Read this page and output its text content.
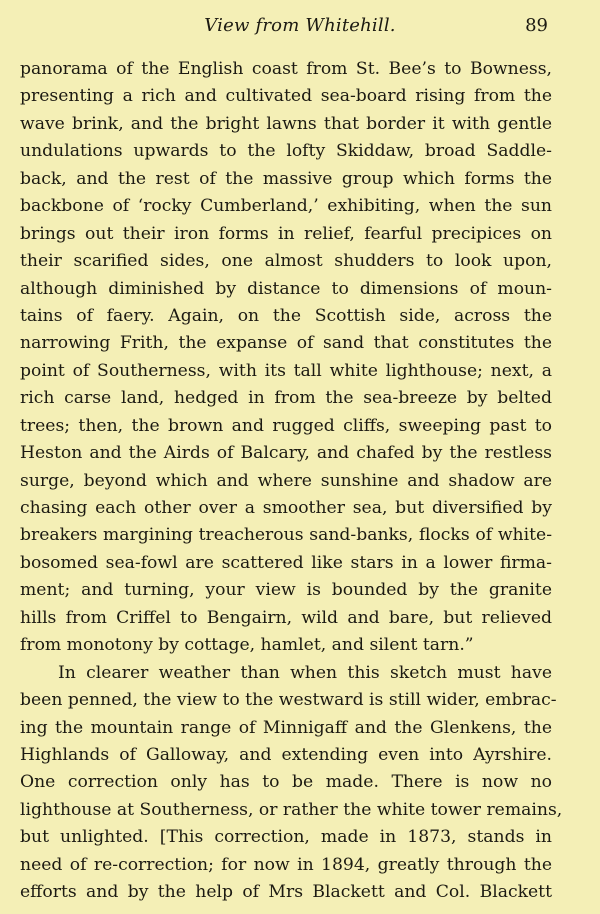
View from Whitehill.	89
panorama of the English coast from St. Bee’s to Bowness,
presenting a rich and cultivated sea-board rising from the
wave brink, and the bright lawns that border it with gentle
undulations upwards to the lofty Skiddaw, broad Saddle-
back, and the rest of the massive group which forms the
backbone of ‘rocky Cumberland,’ exhibiting, when the sun
brings out their iron forms in relief, fearful precipices on
their scarified sides, one almost shudders to look upon,
although diminished by distance to dimensions of moun-
tains of faery. Again, on the Scottish side, across the
narrowing Frith, the expanse of sand that constitutes the
point of Southerness, with its tall white lighthouse; next, a
rich carse land, hedged in from the sea-breeze by belted
trees; then, the brown and rugged cliffs, sweeping past to
Heston and the Airds of Balcary, and chafed by the restless
surge, beyond which and where sunshine and shadow are
chasing each other over a smoother sea, but diversified by
breakers margining treacherous sand-banks, flocks of white-
bosomed sea-fowl are scattered like stars in a lower firma-
ment; and turning, your view is bounded by the granite
hills from Criffel to Bengairn, wild and bare, but relieved
from monotony by cottage, hamlet, and silent tarn.”
In clearer weather than when this sketch must have
been penned, the view to the westward is still wider, embrac-
ing the mountain range of Minnigaff and the Glenkens, the
Highlands of Galloway, and extending even into Ayrshire.
One correction only has to be made. There is now no
lighthouse at Southerness, or rather the white tower remains,
but unlighted. [This correction, made in 1873, stands in
need of re-correction; for now in 1894, greatly through the
efforts and by the help of Mrs Blackett and Col. Blackett
